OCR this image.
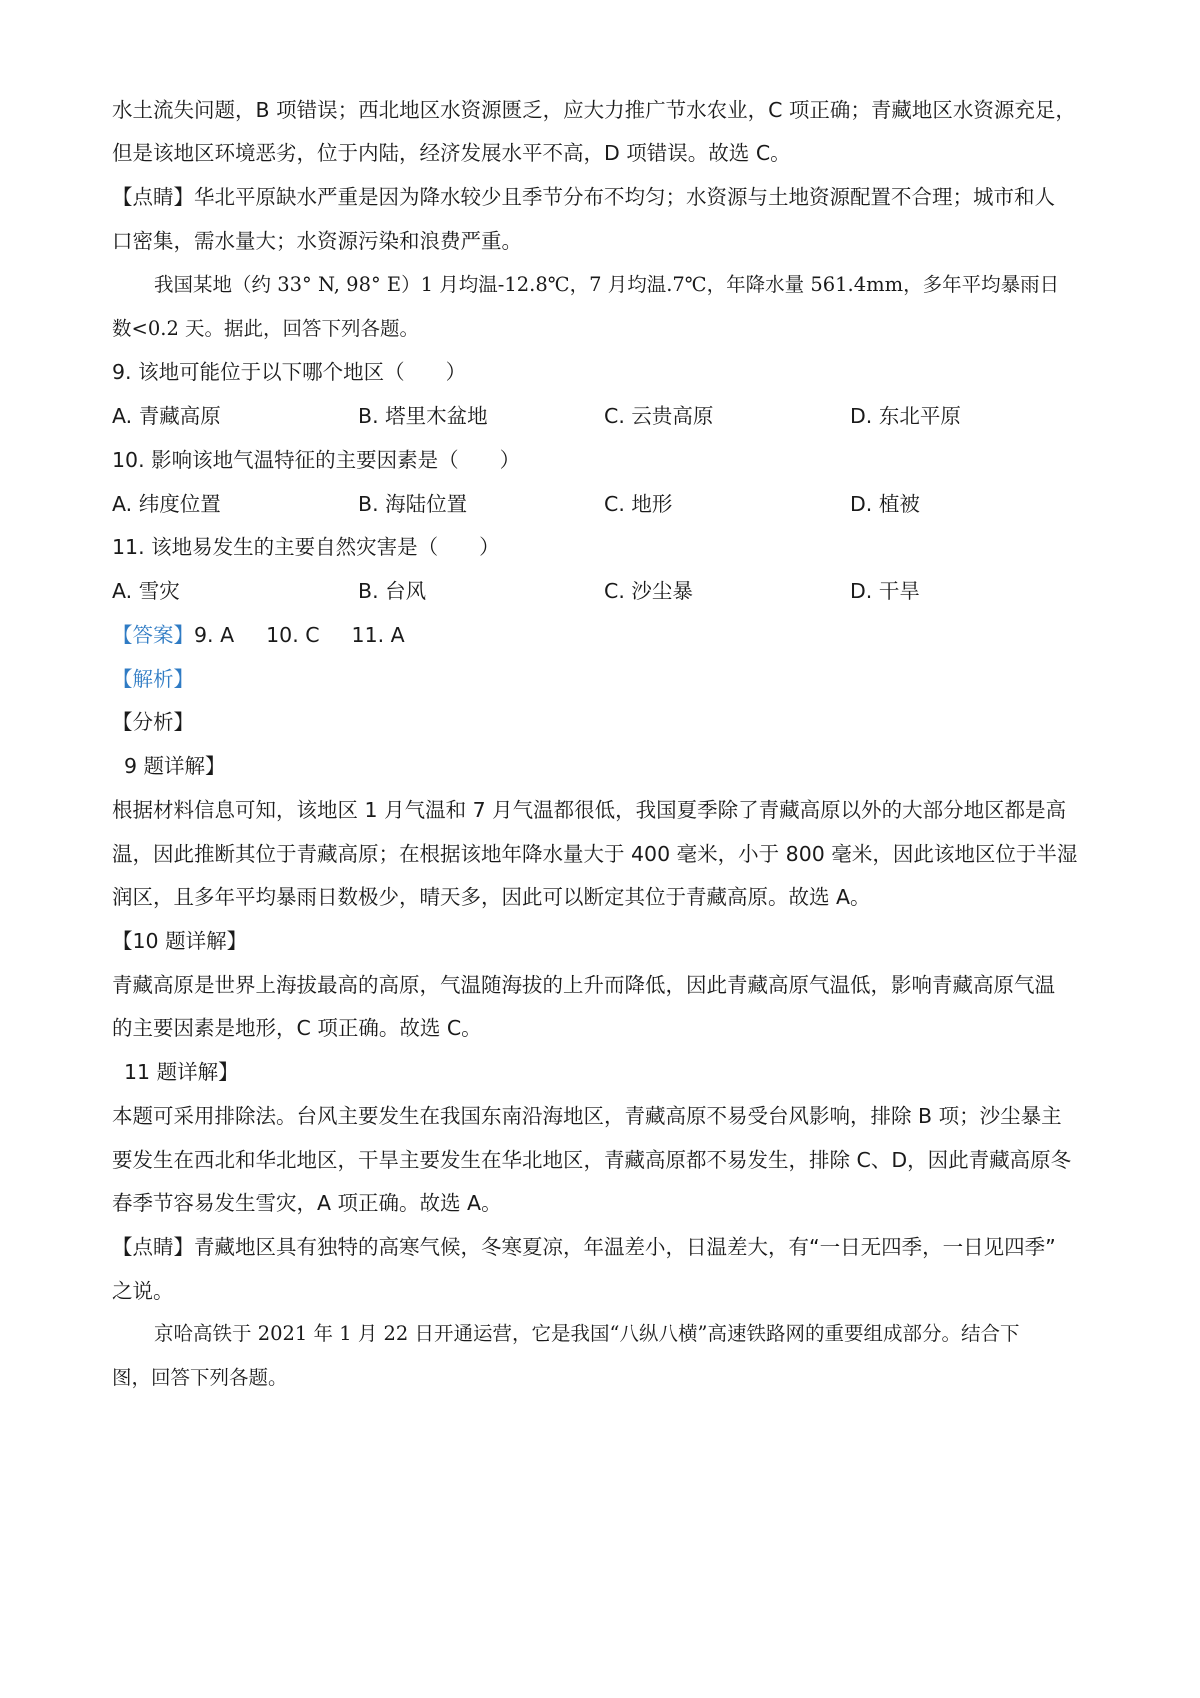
水土流失问题，B 项错误；西北地区水资源匮乏，应大力推广节水农业，C 项正确；青藏地区水资源充足，
但是该地区环境恶劣，位于内陆，经济发展水平不高，D 项错误。故选 C。
【点睛】华北平原缺水严重是因为降水较少且季节分布不均匀；水资源与土地资源配置不合理；城市和人
口密集，需水量大；水资源污染和浪费严重。
我国某地（约 33° N, 98° E）1 月均温-12.8℃，7 月均温.7℃，年降水量 561.4mm，多年平均暴雨日
数<0.2 天。据此，回答下列各题。
9. 该地可能位于以下哪个地区（　　）
A. 青藏高原	B. 塔里木盆地	C. 云贵高原	D. 东北平原
10. 影响该地气温特征的主要因素是（　　）
A. 纬度位置	B. 海陆位置	C. 地形	D. 植被
11. 该地易发生的主要自然灾害是（　　）
A. 雪灾	B. 台风	C. 沙尘暴	D. 干旱
【答案】9. A 10. C 11. A
【解析】
【分析】
9 题详解】
根据材料信息可知，该地区 1 月气温和 7 月气温都很低，我国夏季除了青藏高原以外的大部分地区都是高
温，因此推断其位于青藏高原；在根据该地年降水量大于 400 毫米，小于 800 毫米，因此该地区位于半湿
润区，且多年平均暴雨日数极少，晴天多，因此可以断定其位于青藏高原。故选 A。
【10 题详解】
青藏高原是世界上海拔最高的高原，气温随海拔的上升而降低，因此青藏高原气温低，影响青藏高原气温
的主要因素是地形，C 项正确。故选 C。
11 题详解】
本题可采用排除法。台风主要发生在我国东南沿海地区，青藏高原不易受台风影响，排除 B 项；沙尘暴主
要发生在西北和华北地区，干旱主要发生在华北地区，青藏高原都不易发生，排除 C、D，因此青藏高原冬
春季节容易发生雪灾，A 项正确。故选 A。
【点睛】青藏地区具有独特的高寒气候，冬寒夏凉，年温差小，日温差大，有“一日无四季，一日见四季”
之说。
京哈高铁于 2021 年 1 月 22 日开通运营，它是我国“八纵八横”高速铁路网的重要组成部分。结合下
图，回答下列各题。
